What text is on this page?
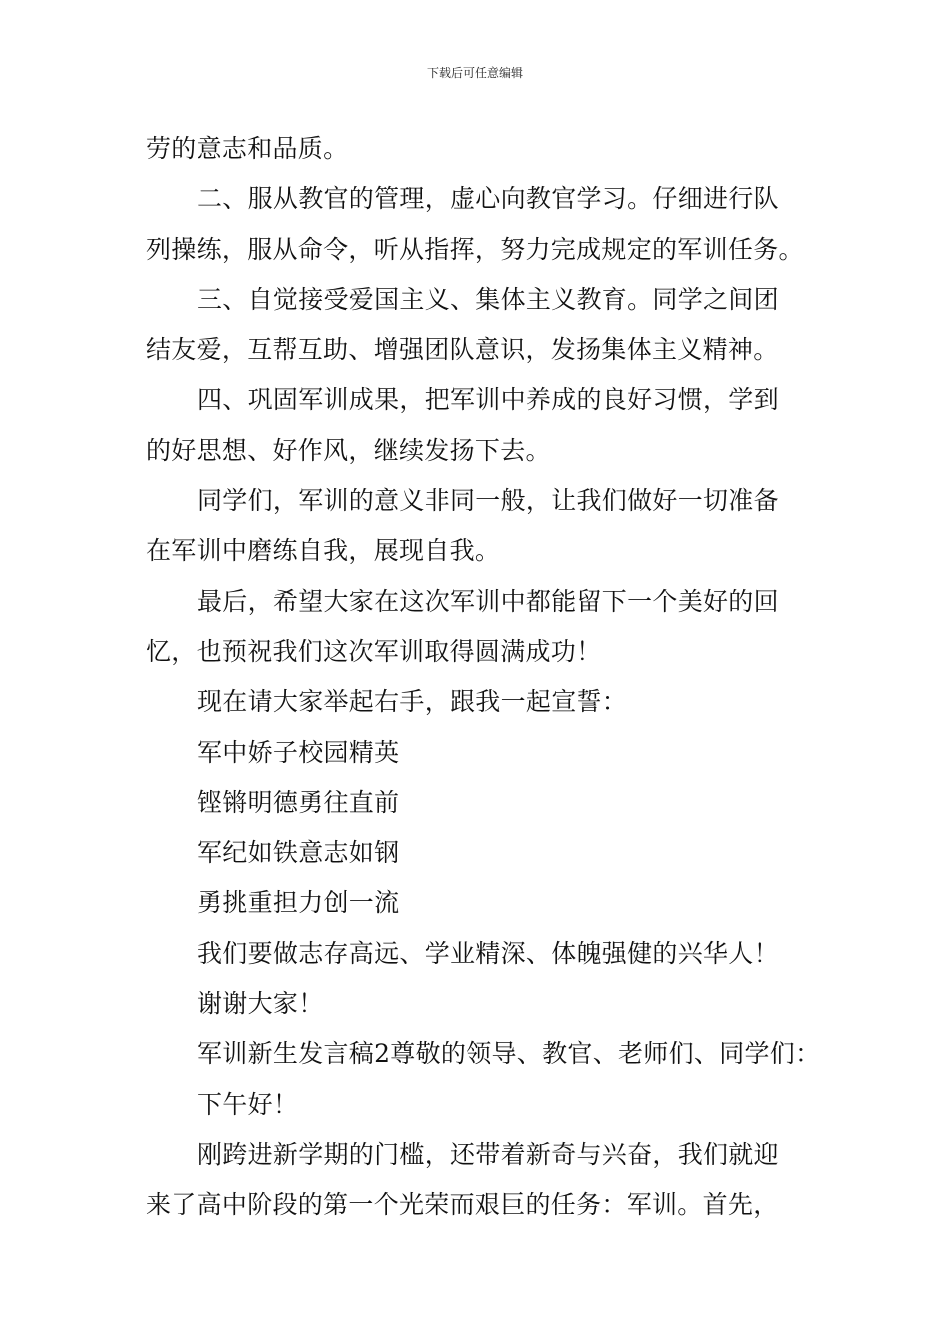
下载后可任意编辑
劳的意志和品质。
二、服从教官的管理，虚心向教官学习。仔细进行队
列操练，服从命令，听从指挥，努力完成规定的军训任务。
三、自觉接受爱国主义、集体主义教育。同学之间团
结友爱，互帮互助、增强团队意识，发扬集体主义精神。
四、巩固军训成果，把军训中养成的良好习惯，学到
的好思想、好作风，继续发扬下去。
同学们，军训的意义非同一般，让我们做好一切准备
在军训中磨练自我，展现自我。
最后，希望大家在这次军训中都能留下一个美好的回
忆，也预祝我们这次军训取得圆满成功！
现在请大家举起右手，跟我一起宣誓：
军中娇子校园精英
铿锵明德勇往直前
军纪如铁意志如钢
勇挑重担力创一流
我们要做志存高远、学业精深、体魄强健的兴华人！
谢谢大家！
军训新生发言稿2尊敬的领导、教官、老师们、同学们：
下午好！
刚跨进新学期的门槛，还带着新奇与兴奋，我们就迎
来了高中阶段的第一个光荣而艰巨的任务：军训。首先，
